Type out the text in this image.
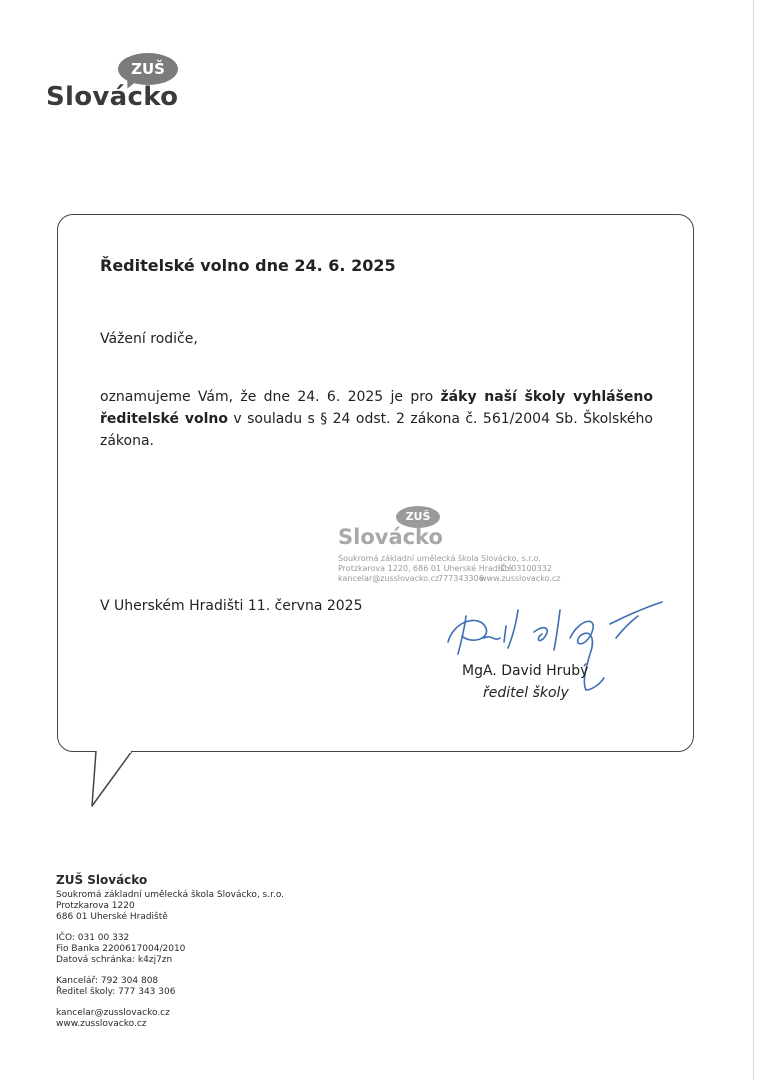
ZUŠ
Slovácko
Ředitelské volno dne 24. 6. 2025
Vážení rodiče,
oznamujeme Vám, že dne 24. 6. 2025 je pro žáky naší školy vyhlášeno ředitelské volno v souladu s § 24 odst. 2 zákona č. 561/2004 Sb. Školského zákona.
ZUŠ
Slovácko
Soukromá základní umělecká škola Slovácko, s.r.o.
Protzkarova 1220, 686 01 Uherské Hradiště
IČ: 03100332
kancelar@zusslovacko.cz
777343306
www.zusslovacko.cz
V Uherském Hradišti 11. června 2025
MgA. David Hrubý
ředitel školy
ZUŠ Slovácko
Soukromá základní umělecká škola Slovácko, s.r.o.
Protzkarova 1220
686 01 Uherské Hradiště
IČO: 031 00 332
Fio Banka 2200617004/2010
Datová schránka: k4zj7zn
Kancelář: 792 304 808
Ředitel školy: 777 343 306
kancelar@zusslovacko.cz
www.zusslovacko.cz
